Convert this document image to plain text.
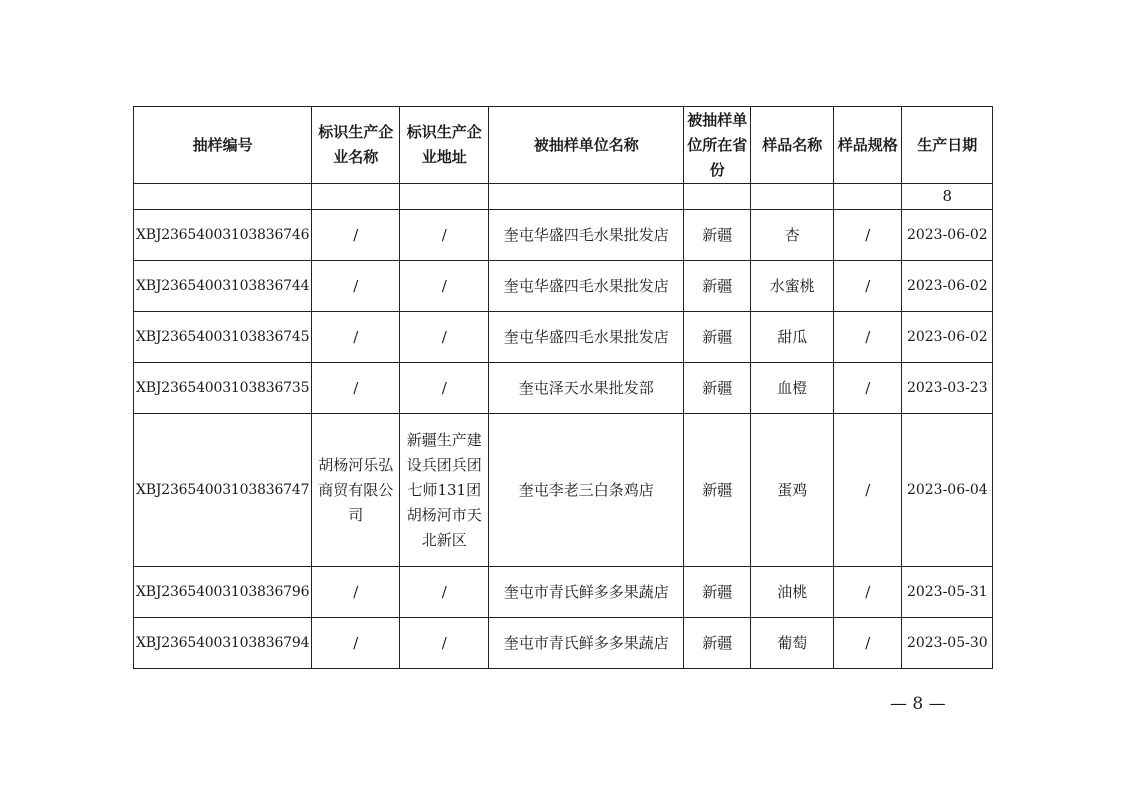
抽样编号	标识生产企业名称	标识生产企业地址	被抽样单位名称	被抽样单位所在省份	样品名称	样品规格	生产日期
							8
XBJ23654003103836746	/	/	奎屯华盛四毛水果批发店	新疆	杏	/	2023-06-02
XBJ23654003103836744	/	/	奎屯华盛四毛水果批发店	新疆	水蜜桃	/	2023-06-02
XBJ23654003103836745	/	/	奎屯华盛四毛水果批发店	新疆	甜瓜	/	2023-06-02
XBJ23654003103836735	/	/	奎屯泽天水果批发部	新疆	血橙	/	2023-03-23
XBJ23654003103836747	胡杨河乐弘商贸有限公司	新疆生产建设兵团兵团七师131团胡杨河市天北新区	奎屯李老三白条鸡店	新疆	蛋鸡	/	2023-06-04
XBJ23654003103836796	/	/	奎屯市青氏鲜多多果蔬店	新疆	油桃	/	2023-05-31
XBJ23654003103836794	/	/	奎屯市青氏鲜多多果蔬店	新疆	葡萄	/	2023-05-30
— 8 —
